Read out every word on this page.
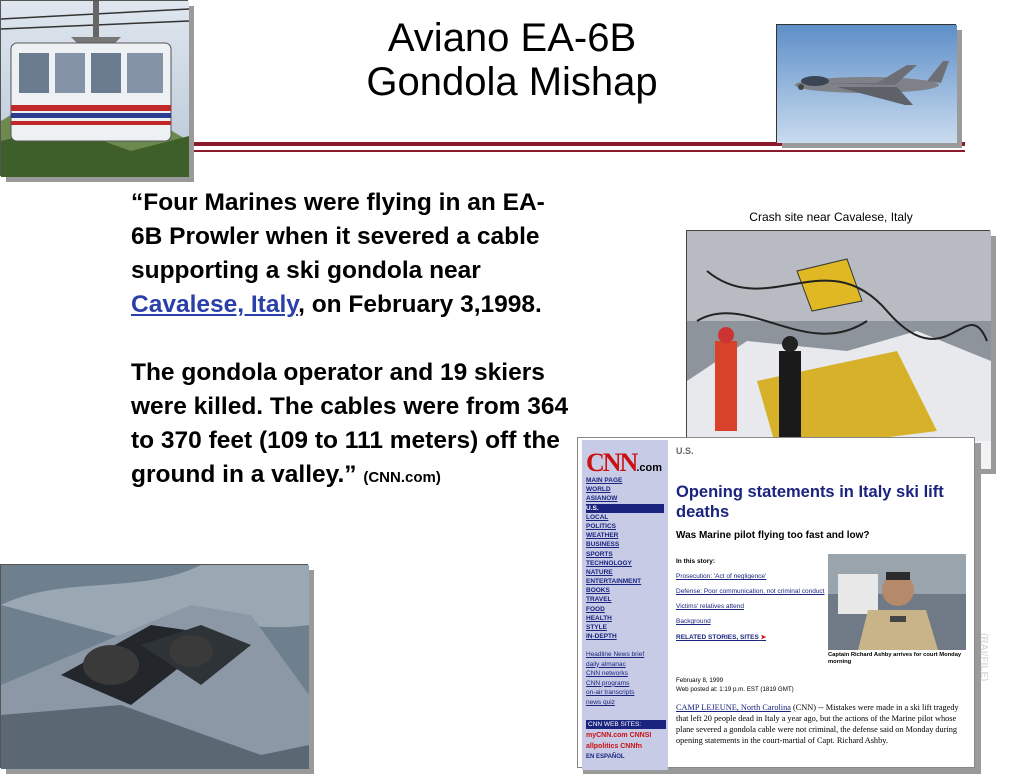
Aviano EA-6B
Gondola Mishap

“Four Marines were flying in an EA-6B Prowler when it severed a cable supporting a ski gondola near Cavalese, Italy, on February 3,1998.

The gondola operator and 19 skiers were killed. The cables were from 364 to 370 feet (109 to 111 meters) off the ground in a valley.” (CNN.com)

Crash site near Cavalese, Italy
(RAI/FILE)
CNN.com
MAIN PAGE
WORLD
ASIANOW
U.S.
LOCAL
POLITICS
WEATHER
BUSINESS
SPORTS
TECHNOLOGY
NATURE
ENTERTAINMENT
BOOKS
TRAVEL
FOOD
HEALTH
STYLE
IN-DEPTH
Headline News brief
daily almanac
CNN networks
CNN programs
on-air transcripts
news quiz
CNN WEB SITES:
myCNN.com CNNSI
allpolitics CNNfn
EN ESPAÑOL
U.S.
Opening statements in Italy ski lift deaths
Was Marine pilot flying too fast and low?
In this story:
Prosecution: 'Act of negligence'
Defense: Poor communication, not criminal conduct
Victims' relatives attend
Background
RELATED STORIES, SITES ➤
Captain Richard Ashby arrives for court Monday morning
February 8, 1999
Web posted at: 1:19 p.m. EST (1819 GMT)
CAMP LEJEUNE, North Carolina (CNN) -- Mistakes were made in a ski lift tragedy that left 20 people dead in Italy a year ago, but the actions of the Marine pilot whose plane severed a gondola cable were not criminal, the defense said on Monday during opening statements in the court-martial of Capt. Richard Ashby.
